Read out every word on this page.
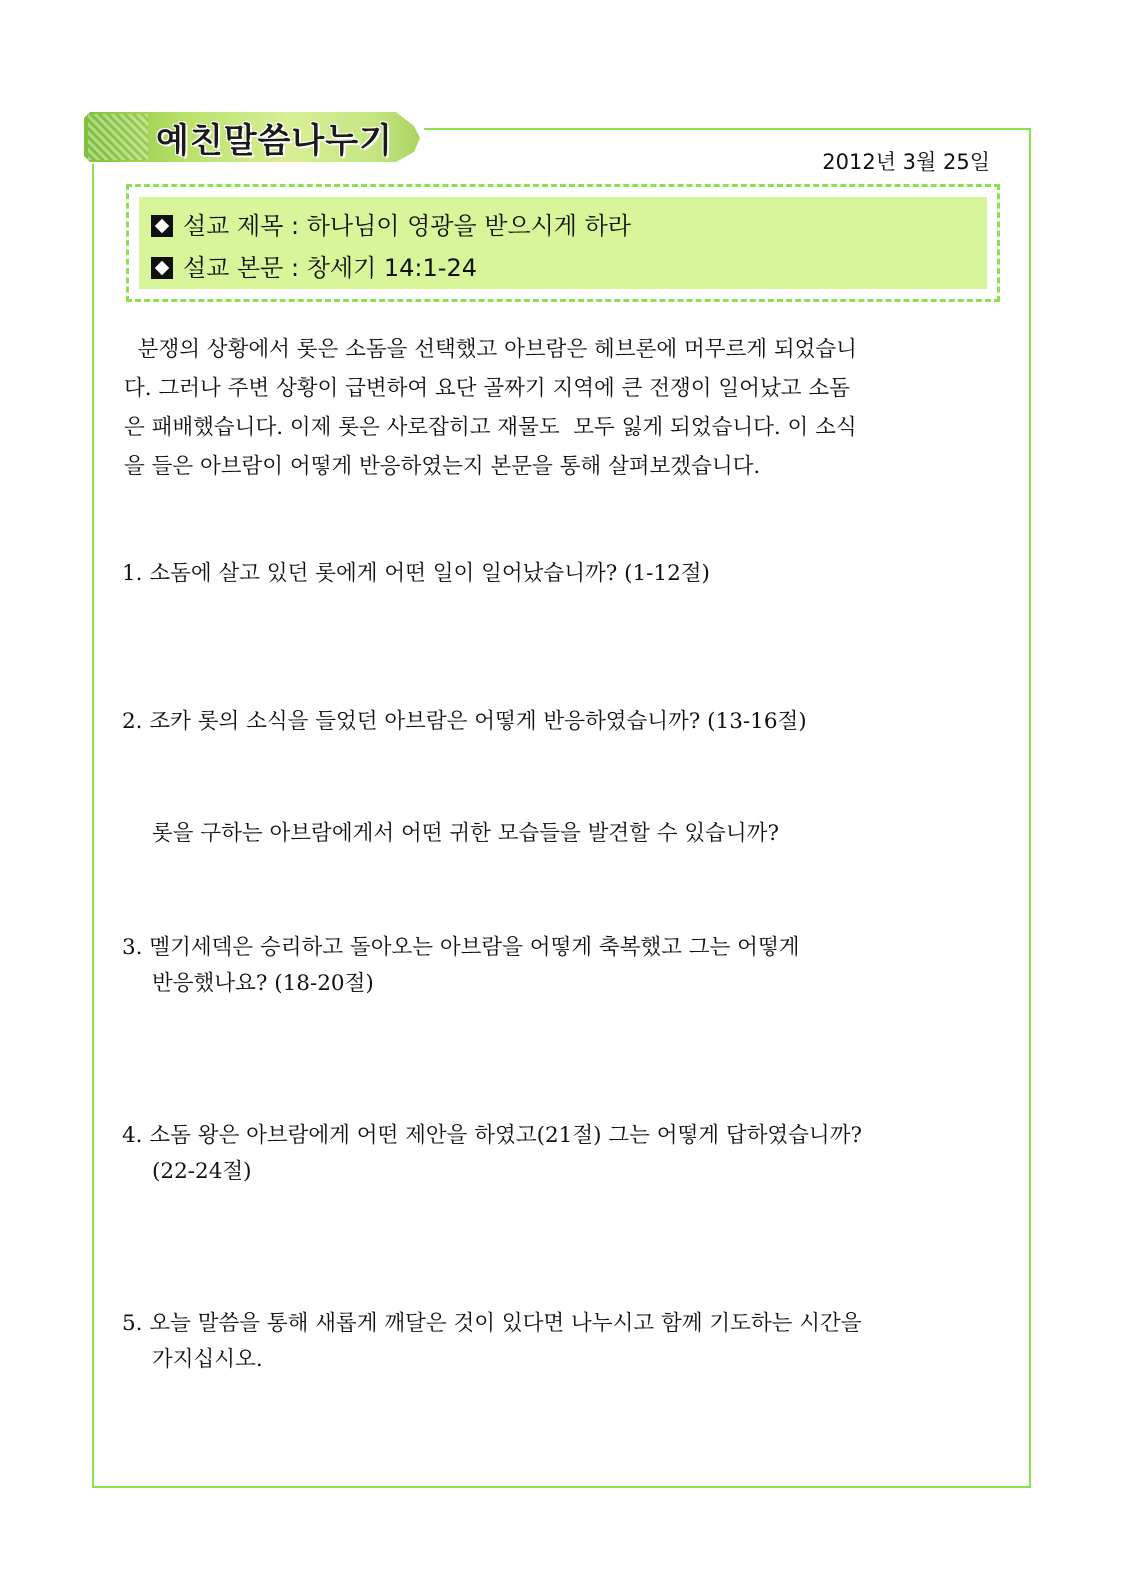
예친말씀나누기
2012년 3월 25일
설교 제목 : 하나님이 영광을 받으시게 하라
설교 본문 : 창세기 14:1-24
분쟁의 상황에서 롯은 소돔을 선택했고 아브람은 헤브론에 머무르게 되었습니
다. 그러나 주변 상황이 급변하여 요단 골짜기 지역에 큰 전쟁이 일어났고 소돔
은 패배했습니다. 이제 롯은 사로잡히고 재물도  모두 잃게 되었습니다. 이 소식
을 들은 아브람이 어떻게 반응하였는지 본문을 통해 살펴보겠습니다.
1. 소돔에 살고 있던 롯에게 어떤 일이 일어났습니까? (1-12절)
2. 조카 롯의 소식을 들었던 아브람은 어떻게 반응하였습니까? (13-16절)
롯을 구하는 아브람에게서 어떤 귀한 모습들을 발견할 수 있습니까?
3. 멜기세덱은 승리하고 돌아오는 아브람을 어떻게 축복했고 그는 어떻게
반응했나요? (18-20절)
4. 소돔 왕은 아브람에게 어떤 제안을 하였고(21절) 그는 어떻게 답하였습니까?
(22-24절)
5. 오늘 말씀을 통해 새롭게 깨달은 것이 있다면 나누시고 함께 기도하는 시간을
가지십시오.
